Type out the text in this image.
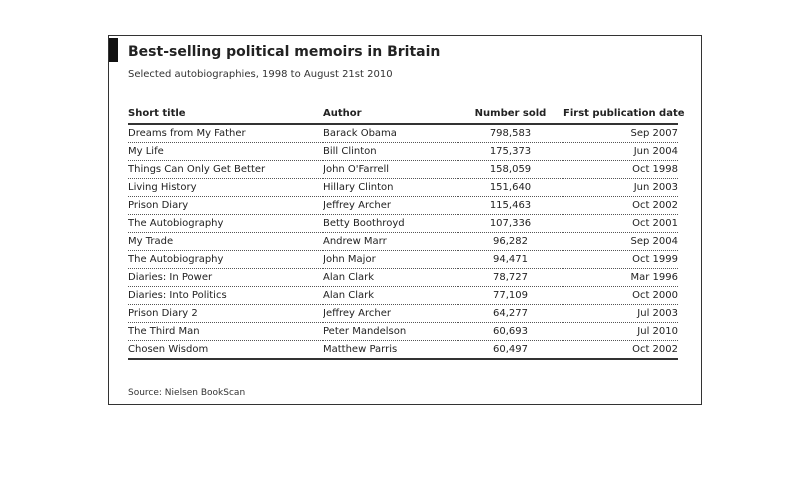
Best-selling political memoirs in Britain
Selected autobiographies, 1998 to August 21st 2010
Short title	Author	Number sold	First publication date
Dreams from My Father	Barack Obama	798,583	Sep 2007
My Life	Bill Clinton	175,373	Jun 2004
Things Can Only Get Better	John O'Farrell	158,059	Oct 1998
Living History	Hillary Clinton	151,640	Jun 2003
Prison Diary	Jeffrey Archer	115,463	Oct 2002
The Autobiography	Betty Boothroyd	107,336	Oct 2001
My Trade	Andrew Marr	96,282	Sep 2004
The Autobiography	John Major	94,471	Oct 1999
Diaries: In Power	Alan Clark	78,727	Mar 1996
Diaries: Into Politics	Alan Clark	77,109	Oct 2000
Prison Diary 2	Jeffrey Archer	64,277	Jul 2003
The Third Man	Peter Mandelson	60,693	Jul 2010
Chosen Wisdom	Matthew Parris	60,497	Oct 2002
Source: Nielsen BookScan
